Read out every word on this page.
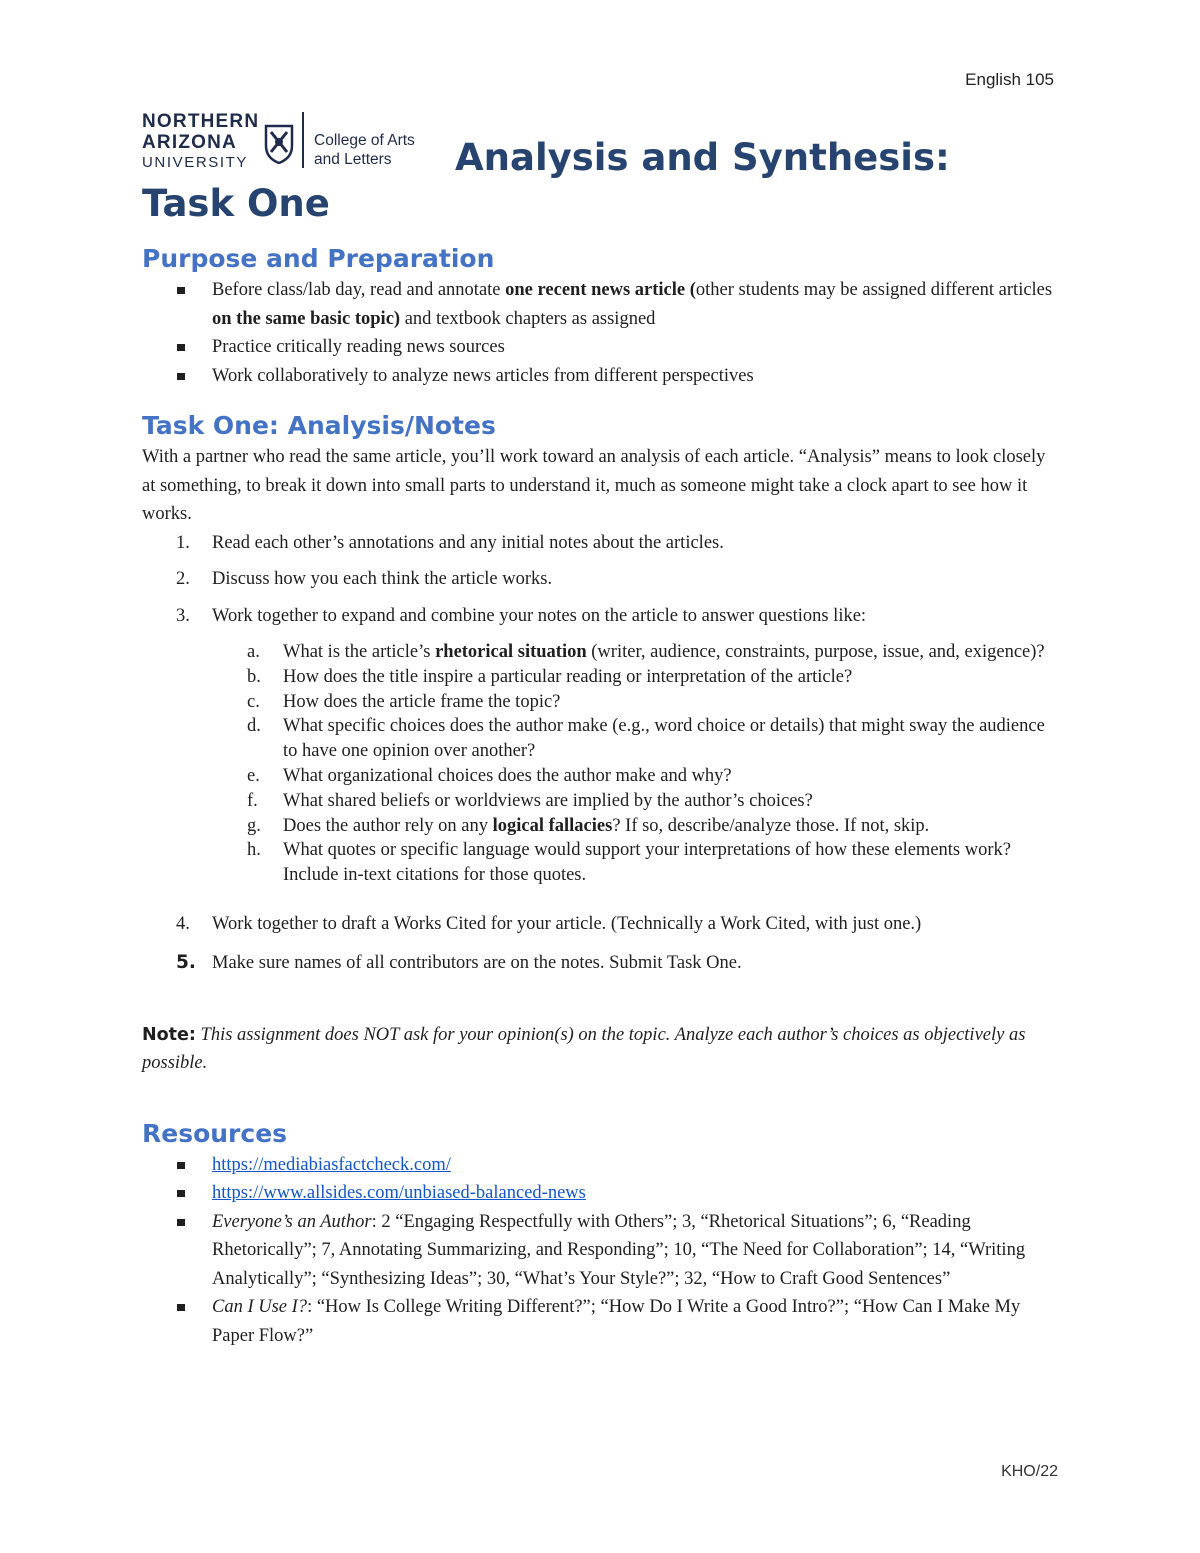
English 105
NORTHERN
ARIZONA
UNIVERSITY
College of Arts
and Letters	Analysis and Synthesis:
Task One
Purpose and Preparation
Before class/lab day, read and annotate one recent news article (other students may be assigned different articles on the same basic topic) and textbook chapters as assigned
Practice critically reading news sources
Work collaboratively to analyze news articles from different perspectives
Task One: Analysis/Notes

With a partner who read the same article, you’ll work toward an analysis of each article. “Analysis” means to look closely at something, to break it down into small parts to understand it, much as someone might take a clock apart to see how it works.

1. Read each other’s annotations and any initial notes about the articles.
2. Discuss how you each think the article works.
3. Work together to expand and combine your notes on the article to answer questions like:
a. What is the article’s rhetorical situation (writer, audience, constraints, purpose, issue, and, exigence)?
b. How does the title inspire a particular reading or interpretation of the article?
c. How does the article frame the topic?
d. What specific choices does the author make (e.g., word choice or details) that might sway the audience to have one opinion over another?
e. What organizational choices does the author make and why?
f. What shared beliefs or worldviews are implied by the author’s choices?
g. Does the author rely on any logical fallacies? If so, describe/analyze those. If not, skip.
h. What quotes or specific language would support your interpretations of how these elements work? Include in-text citations for those quotes.
4. Work together to draft a Works Cited for your article. (Technically a Work Cited, with just one.)
5. Make sure names of all contributors are on the notes. Submit Task One.

Note: This assignment does NOT ask for your opinion(s) on the topic. Analyze each author’s choices as objectively as possible.

Resources
https://mediabiasfactcheck.com/
https://www.allsides.com/unbiased-balanced-news
Everyone’s an Author: 2 “Engaging Respectfully with Others”; 3, “Rhetorical Situations”; 6, “Reading Rhetorically”; 7, Annotating Summarizing, and Responding”; 10, “The Need for Collaboration”; 14, “Writing Analytically”; “Synthesizing Ideas”; 30, “What’s Your Style?”; 32, “How to Craft Good Sentences”
Can I Use I?: “How Is College Writing Different?”; “How Do I Write a Good Intro?”; “How Can I Make My Paper Flow?”
KHO/22
